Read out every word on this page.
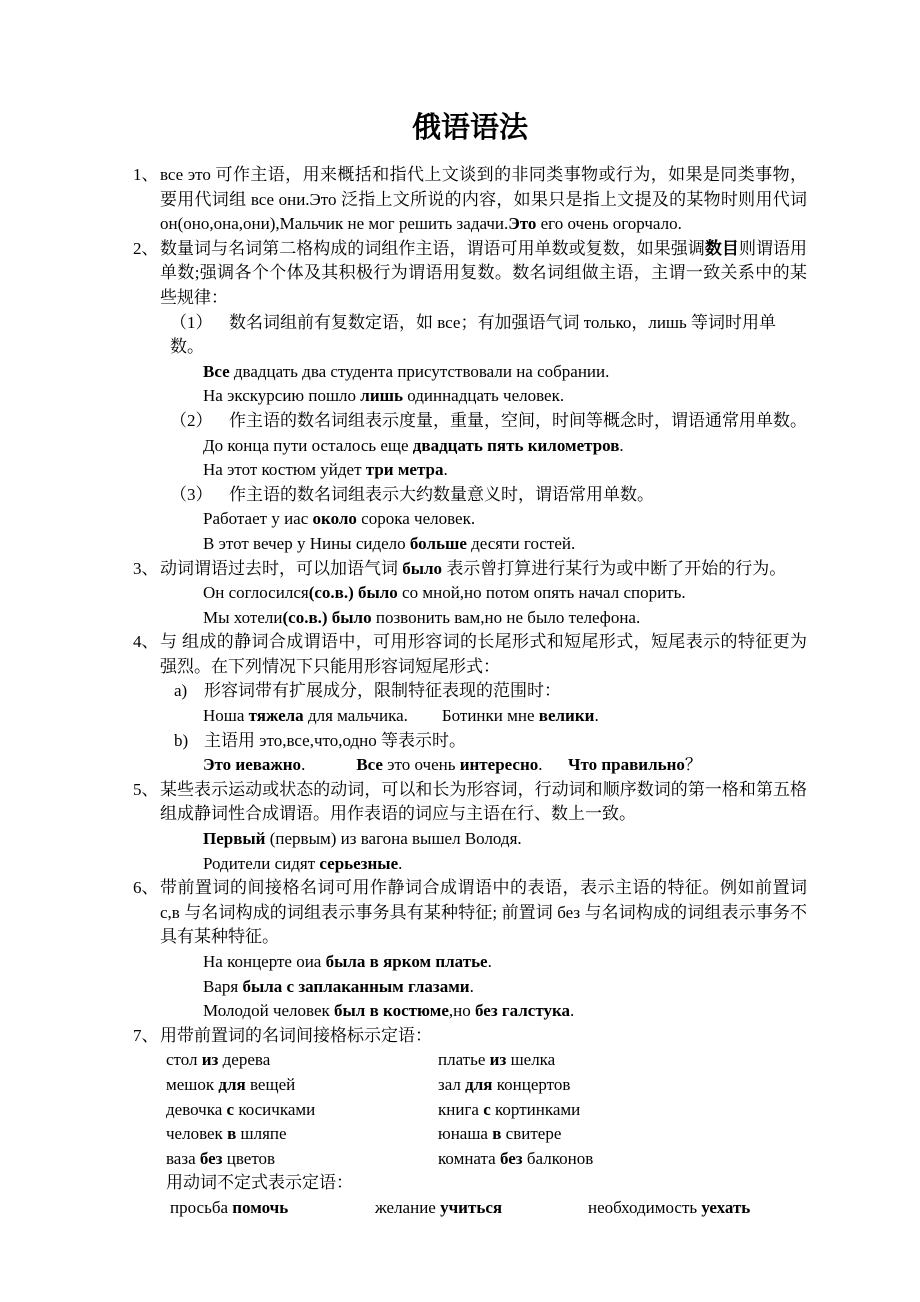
俄语语法
1、 все это 可作主语，用来概括和指代上文谈到的非同类事物或行为，如果是同类事物，要用代词组 все они.Это 泛指上文所说的内容，如果只是指上文提及的某物时则用代词 он(оно,она,они),Мальчик не мог решить задачи.Это его очень огорчало.
2、 数量词与名词第二格构成的词组作主语，谓语可用单数或复数，如果强调数目则谓语用单数;强调各个个体及其积极行为谓语用复数。数名词组做主语，主谓一致关系中的某些规律：
（1） 数名词组前有复数定语，如 все；有加强语气词 только，лишь 等词时用单数。
Все двадцать два студента присутствовали на собрании.
На экскурсию пошло лишь одиннадцать человек.
（2） 作主语的数名词组表示度量，重量，空间，时间等概念时，谓语通常用单数。
До конца пути осталось еще двадцать пять километров.
На этот костюм уйдет три метра.
（3） 作主语的数名词组表示大约数量意义时，谓语常用单数。
Работает у иас около сорока человек.
В этот вечер у Нины сидело больше десяти гостей.
3、 动词谓语过去时，可以加语气词 было 表示曾打算进行某行为或中断了开始的行为。
Он соглосился(со.в.) было со мной,но потом опять начал спорить.
Мы хотели(со.в.) было позвонить вам,но не было телефона.
4、 与 组成的静词合成谓语中，可用形容词的长尾形式和短尾形式，短尾表示的特征更为强烈。在下列情况下只能用形容词短尾形式：
a) 形容词带有扩展成分，限制特征表现的范围时：
Ноша тяжела для мальчика.        Ботинки мне велики.
b) 主语用 это,все,что,одно 等表示时。
Это иеважно.            Все это очень интересно.      Что правильно？
5、 某些表示运动或状态的动词，可以和长为形容词，行动词和顺序数词的第一格和第五格组成静词性合成谓语。用作表语的词应与主语在行、数上一致。
Первый (первым) из вагона вышел Володя.
Родители сидят серьезные.
6、 带前置词的间接格名词可用作静词合成谓语中的表语，表示主语的特征。例如前置词 с,в 与名词构成的词组表示事务具有某种特征; 前置词 без 与名词构成的词组表示事务不具有某种特征。
На концерте оиа была в ярком платье.
Варя была с заплаканным глазами.
Молодой человек был в костюме,но без галстука.
7、 用带前置词的名词间接格标示定语：
стол из дерева	платье из шелка
мешок для вещей	зал для концертов
девочка с косичками	книга с кортинками
человек в шляпе	юнаша в свитере
ваза без цветов	комната без балконов
用动词不定式表示定语：
просьба помочь	желание учиться	необходимость уехать
